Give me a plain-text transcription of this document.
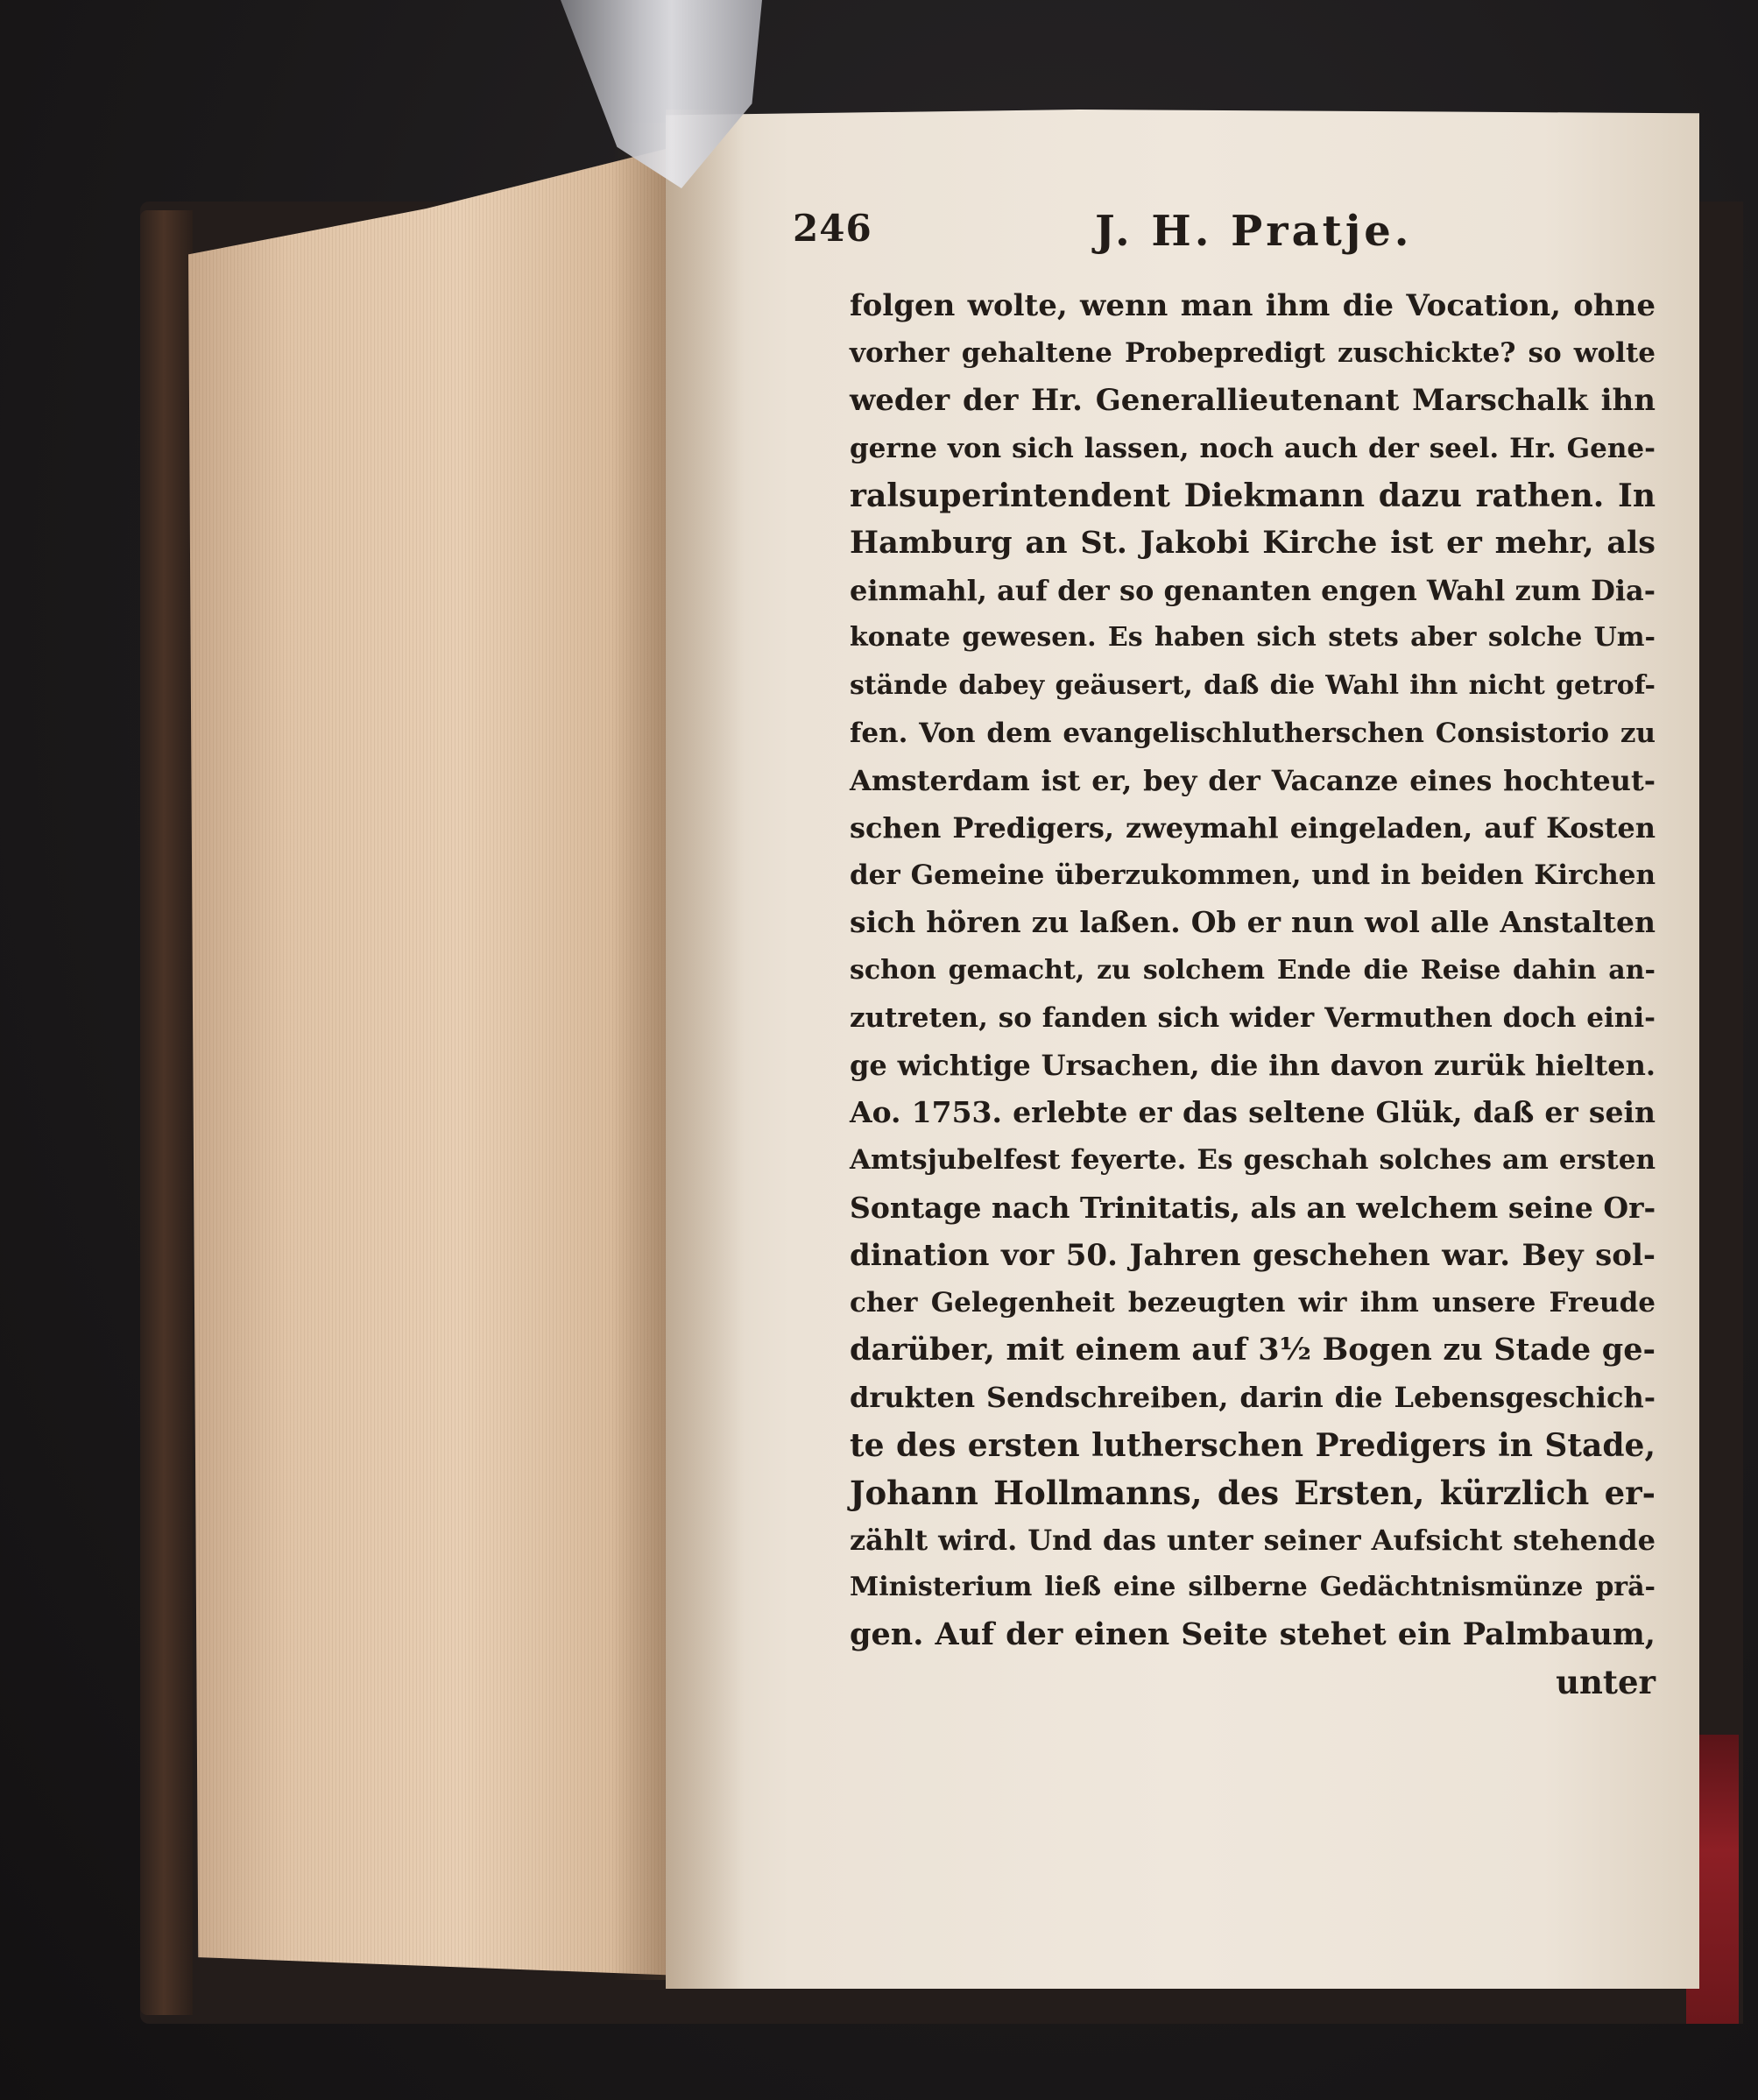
246	J. H. Pratje.
folgen wolte, wenn man ihm die Vocation, ohne
vorher gehaltene Probepredigt zuschickte? so wolte
weder der Hr. Generallieutenant Marschalk ihn
gerne von sich lassen, noch auch der seel. Hr. Gene-
ralsuperintendent Diekmann dazu rathen. In
Hamburg an St. Jakobi Kirche ist er mehr, als
einmahl, auf der so genanten engen Wahl zum Dia-
konate gewesen. Es haben sich stets aber solche Um-
stände dabey geäusert, daß die Wahl ihn nicht getrof-
fen. Von dem evangelischlutherschen Consistorio zu
Amsterdam ist er, bey der Vacanze eines hochteut-
schen Predigers, zweymahl eingeladen, auf Kosten
der Gemeine überzukommen, und in beiden Kirchen
sich hören zu laßen. Ob er nun wol alle Anstalten
schon gemacht, zu solchem Ende die Reise dahin an-
zutreten, so fanden sich wider Vermuthen doch eini-
ge wichtige Ursachen, die ihn davon zurük hielten.
Ao. 1753. erlebte er das seltene Glük, daß er sein
Amtsjubelfest feyerte. Es geschah solches am ersten
Sontage nach Trinitatis, als an welchem seine Or-
dination vor 50. Jahren geschehen war. Bey sol-
cher Gelegenheit bezeugten wir ihm unsere Freude
darüber, mit einem auf 3½ Bogen zu Stade ge-
drukten Sendschreiben, darin die Lebensgeschich-
te des ersten lutherschen Predigers in Stade,
Johann Hollmanns, des Ersten, kürzlich er-
zählt wird. Und das unter seiner Aufsicht stehende
Ministerium ließ eine silberne Gedächtnismünze prä-
gen. Auf der einen Seite stehet ein Palmbaum,
unter
